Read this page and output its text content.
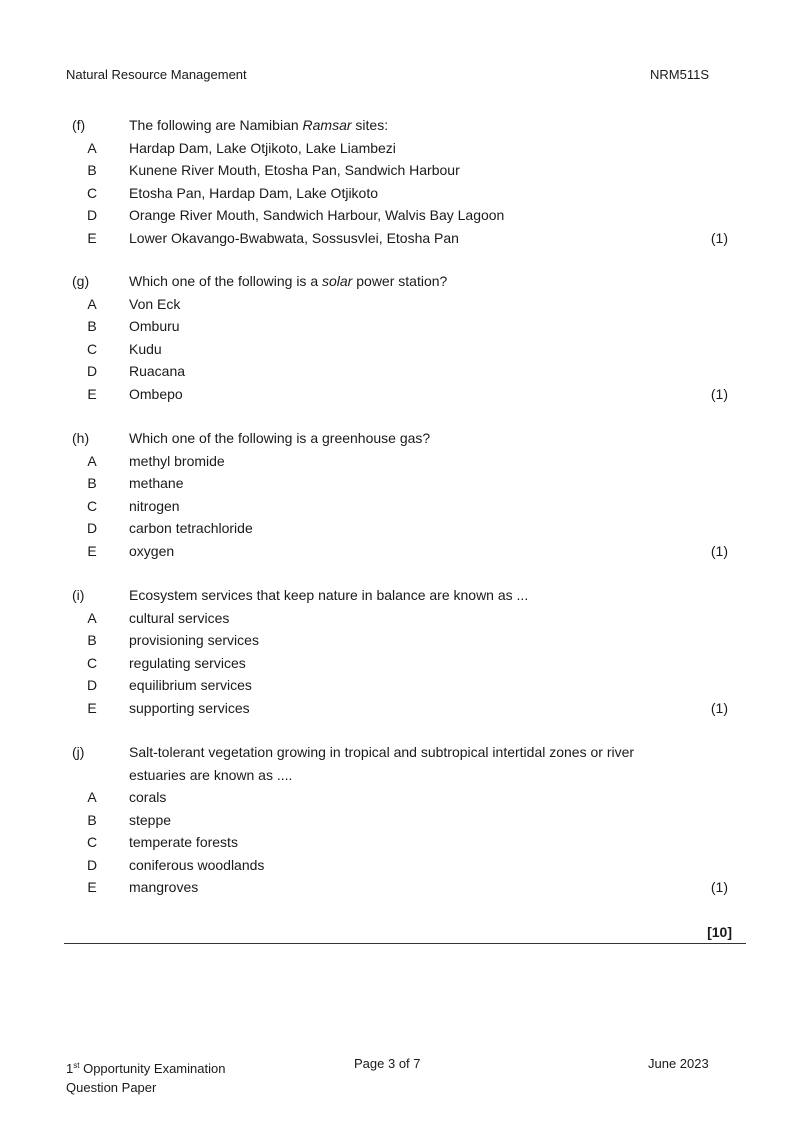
Natural Resource Management	NRM511S
(f)	The following are Namibian Ramsar sites:
A	Hardap Dam, Lake Otjikoto, Lake Liambezi
B	Kunene River Mouth, Etosha Pan, Sandwich Harbour
C	Etosha Pan, Hardap Dam, Lake Otjikoto
D	Orange River Mouth, Sandwich Harbour, Walvis Bay Lagoon
E	Lower Okavango-Bwabwata, Sossusvlei, Etosha Pan	(1)
(g)	Which one of the following is a solar power station?
A	Von Eck
B	Omburu
C	Kudu
D	Ruacana
E	Ombepo	(1)
(h)	Which one of the following is a greenhouse gas?
A	methyl bromide
B	methane
C	nitrogen
D	carbon tetrachloride
E	oxygen	(1)
(i)	Ecosystem services that keep nature in balance are known as ...
A	cultural services
B	provisioning services
C	regulating services
D	equilibrium services
E	supporting services	(1)
(j)	Salt-tolerant vegetation growing in tropical and subtropical intertidal zones or river
estuaries are known as ....
A	corals
B	steppe
C	temperate forests
D	coniferous woodlands
E	mangroves	(1)
[10]
1st Opportunity Examination
Question Paper
Page 3 of 7	June 2023
